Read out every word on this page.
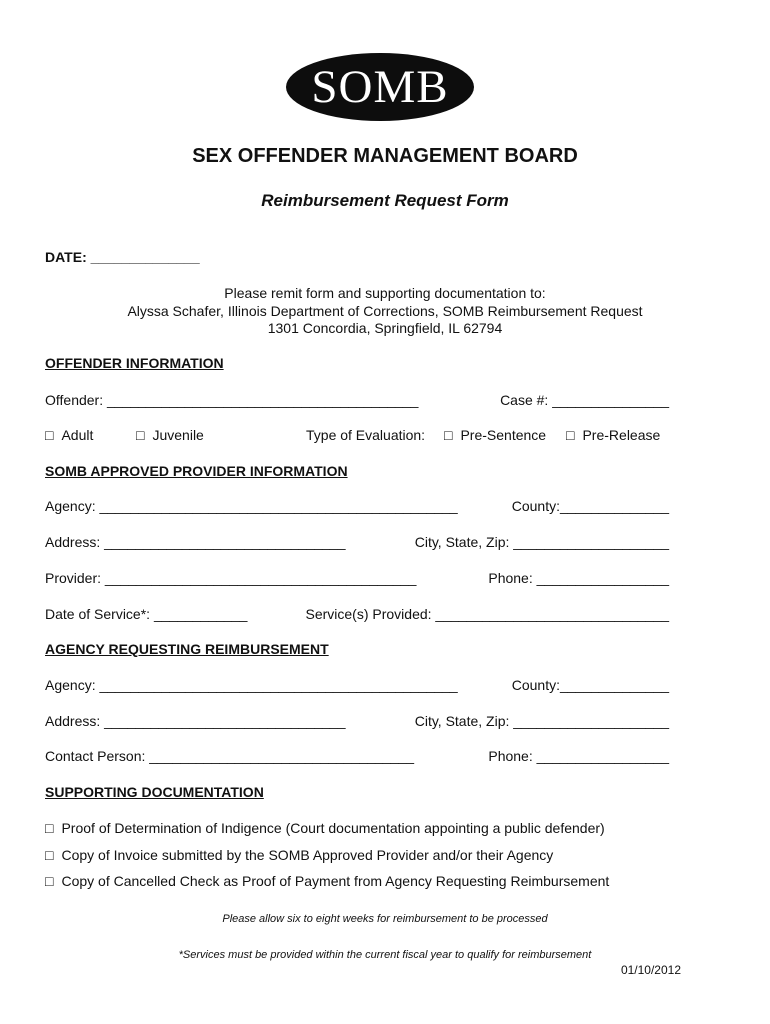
SOMB
SEX OFFENDER MANAGEMENT BOARD
Reimbursement Request Form
DATE: ______________
Please remit form and supporting documentation to:
Alyssa Schafer, Illinois Department of Corrections, SOMB Reimbursement Request
1301 Concordia, Springfield, IL 62794
OFFENDER INFORMATION
Offender: ________________________________________	Case #: _______________
□ Adult	□ Juvenile	Type of Evaluation: □ Pre-Sentence □ Pre-Release
SOMB APPROVED PROVIDER INFORMATION
Agency: ______________________________________________	County:______________
Address: _______________________________	City, State, Zip: ____________________
Provider: ________________________________________	Phone: _________________
Date of Service*: ____________	Service(s) Provided: ______________________________
AGENCY REQUESTING REIMBURSEMENT
Agency: ______________________________________________	County:______________
Address: _______________________________	City, State, Zip: ____________________
Contact Person: __________________________________	Phone: _________________
SUPPORTING DOCUMENTATION
□ Proof of Determination of Indigence (Court documentation appointing a public defender)
□ Copy of Invoice submitted by the SOMB Approved Provider and/or their Agency
□ Copy of Cancelled Check as Proof of Payment from Agency Requesting Reimbursement
Please allow six to eight weeks for reimbursement to be processed
*Services must be provided within the current fiscal year to qualify for reimbursement
01/10/2012
